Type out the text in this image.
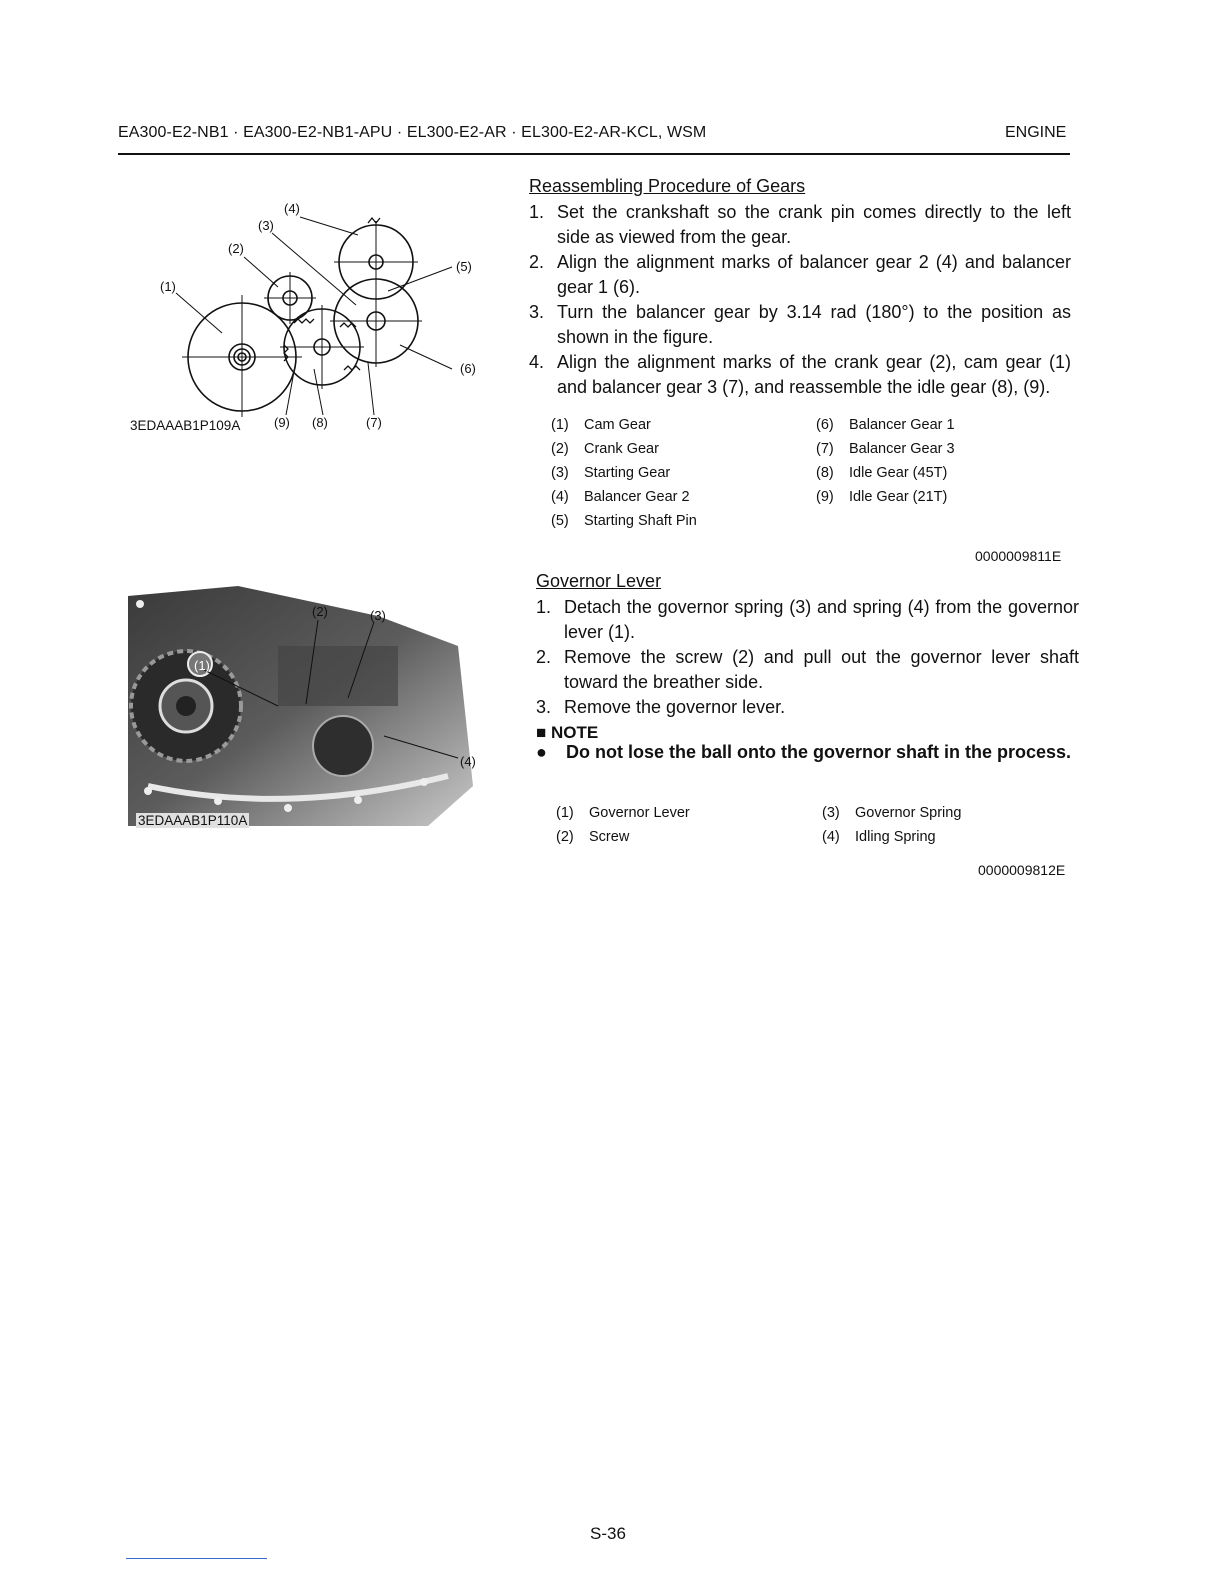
EA300-E2-NB1 · EA300-E2-NB1-APU · EL300-E2-AR · EL300-E2-AR-KCL, WSM	ENGINE
(1)
(2)
(3)
(4)
(5)
(6)
(7)
(8)
(9)
3EDAAAB1P109A
(2)	(3)
(4)
(1)
3EDAAAB1P110A
Reassembling Procedure of Gears
1. Set the crankshaft so the crank pin comes directly to the left side as viewed from the gear.
2. Align the alignment marks of balancer gear 2 (4) and balancer gear 1 (6).
3. Turn the balancer gear by 3.14 rad (180°) to the position as shown in the figure.
4. Align the alignment marks of the crank gear (2), cam gear (1) and balancer gear 3 (7), and reassemble the idle gear (8), (9).
(1)	Cam Gear
(2)	Crank Gear
(3)	Starting Gear
(4)	Balancer Gear 2
(5)	Starting Shaft Pin
(6)	Balancer Gear 1
(7)	Balancer Gear 3
(8)	Idle Gear (45T)
(9)	Idle Gear (21T)
0000009811E
Governor Lever
1. Detach the governor spring (3) and spring (4) from the governor lever (1).
2. Remove the screw (2) and pull out the governor lever shaft toward the breather side.
3. Remove the governor lever.
■ NOTE
●	Do not lose the ball onto the governor shaft in the process.
(1)	Governor Lever
(2)	Screw
(3)	Governor Spring
(4)	Idling Spring
0000009812E
S-36
